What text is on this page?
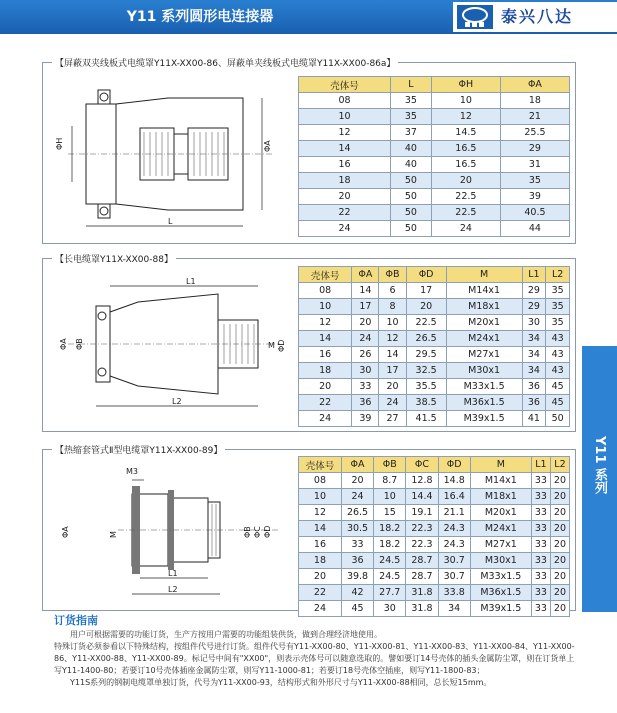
Y11 系列圆形电连接器	泰兴八达
Y11 系列
【屏蔽双夹线板式电缆罩Y11X-XX00-86、屏蔽单夹线板式电缆罩Y11X-XX00-86a】
ΦH	ΦA
L
壳体号	L	ΦH	ΦA
08	35	10	18
10	35	12	21
12	37	14.5	25.5
14	40	16.5	29
16	40	16.5	31
18	50	20	35
20	50	22.5	39
22	50	22.5	40.5
24	50	24	44
【长电缆罩Y11X-XX00-88】
L1
L2
ΦA ΦB	M ΦD
壳体号	ΦA	ΦB	ΦD	M	L1	L2
08	14	6	17	M14x1	29	35
10	17	8	20	M18x1	29	35
12	20	10	22.5	M20x1	30	35
14	24	12	26.5	M24x1	34	43
16	26	14	29.5	M27x1	34	43
18	30	17	32.5	M30x1	34	43
20	33	20	35.5	M33x1.5	36	45
22	36	24	38.5	M36x1.5	36	45
24	39	27	41.5	M39x1.5	41	50
【热缩套管式Ⅱ型电缆罩Y11X-XX00-89】
M3
M
ΦA	ΦB ΦC ΦD
L1
L2
壳体号	ΦA	ΦB	ΦC	ΦD	M	L1	L2
08	20	8.7	12.8	14.8	M14x1	33	20
10	24	10	14.4	16.4	M18x1	33	20
12	26.5	15	19.1	21.1	M20x1	33	20
14	30.5	18.2	22.3	24.3	M24x1	33	20
16	33	18.2	22.3	24.3	M27x1	33	20
18	36	24.5	28.7	30.7	M30x1	33	20
20	39.8	24.5	28.7	30.7	M33x1.5	33	20
22	42	27.7	31.8	33.8	M36x1.5	33	20
24	45	30	31.8	34	M39x1.5	33	20
订货指南

用户可根据需要的功能订货，生产方按用户需要的功能组装供货，做到合理经济地使用。

特殊订货必须参看以下特殊结构，按组件代号进行订货。组件代号有Y11-XX00-80、Y11-XX00-81、Y11-XX00-83、Y11-XX00-84、Y11-XX00-86、Y11-XX00-88、Y11-XX00-89。标记号中间有"XX00"，则表示壳体号可以随意选取的。譬如要订14号壳体的插头金属防尘罩，则在订货单上写Y11-1400-80；若要订10号壳体插座金属防尘罩，则写Y11-1000-81；若要订18号壳体空插座，则写Y11-1800-83；

Y11S系列的钢制电缆罩单独订货，代号为Y11-XX00-93，结构形式和外形尺寸与Y11-XX00-88相同，总长短15mm。
